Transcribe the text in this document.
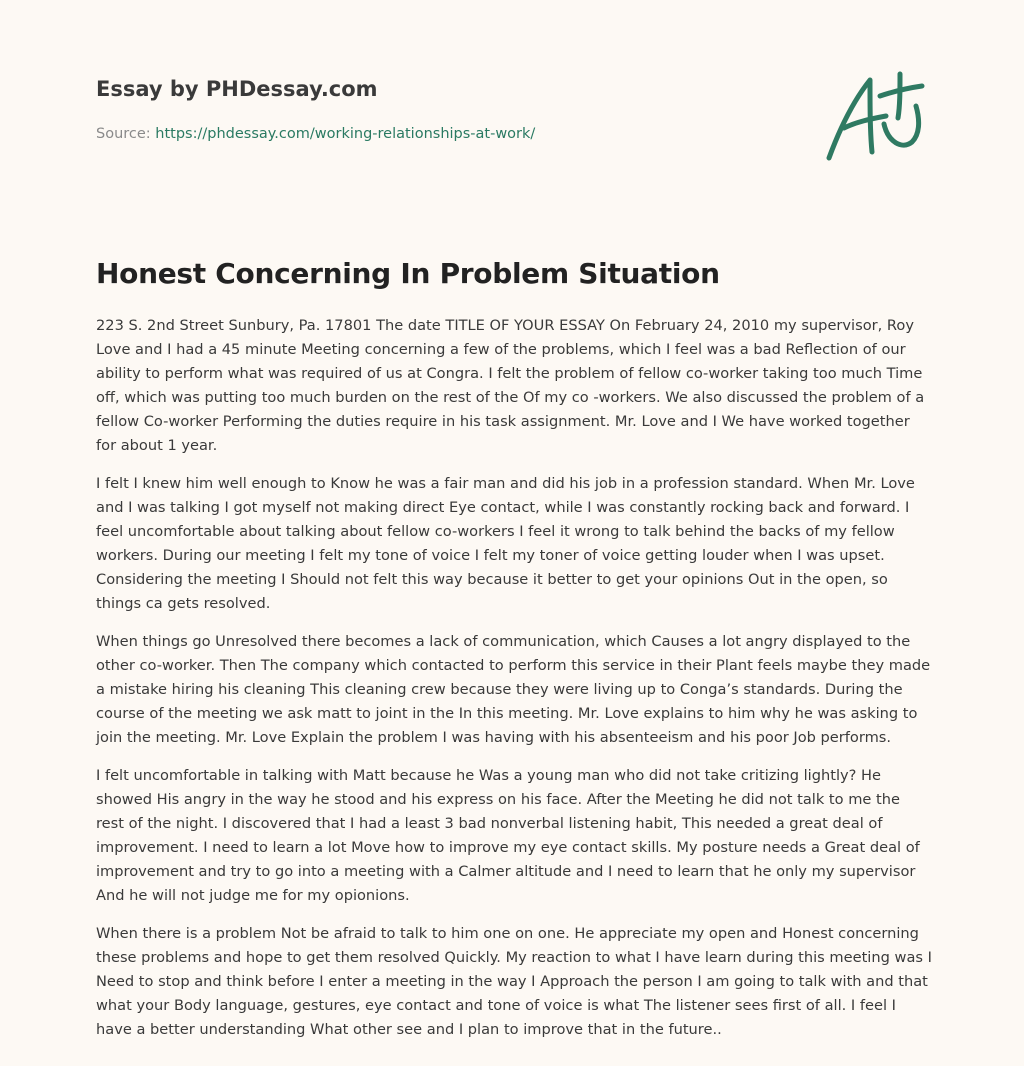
Essay by PHDessay.com
Source: https://phdessay.com/working-relationships-at-work/
Honest Concerning In Problem Situation

223 S. 2nd Street Sunbury, Pa. 17801 The date TITLE OF YOUR ESSAY On February 24, 2010 my supervisor, Roy Love and I had a 45 minute Meeting concerning a few of the problems, which I feel was a bad Reflection of our ability to perform what was required of us at Congra. I felt the problem of fellow co-worker taking too much Time off, which was putting too much burden on the rest of the Of my co -workers. We also discussed the problem of a fellow Co-worker Performing the duties require in his task assignment. Mr. Love and I We have worked together for about 1 year.

I felt I knew him well enough to Know he was a fair man and did his job in a profession standard. When Mr. Love and I was talking I got myself not making direct Eye contact, while I was constantly rocking back and forward. I feel uncomfortable about talking about fellow co-workers I feel it wrong to talk behind the backs of my fellow workers. During our meeting I felt my tone of voice I felt my toner of voice getting louder when I was upset. Considering the meeting I Should not felt this way because it better to get your opinions Out in the open, so things ca gets resolved.

When things go Unresolved there becomes a lack of communication, which Causes a lot angry displayed to the other co-worker. Then The company which contacted to perform this service in their Plant feels maybe they made a mistake hiring his cleaning This cleaning crew because they were living up to Conga’s standards. During the course of the meeting we ask matt to joint in the In this meeting. Mr. Love explains to him why he was asking to join the meeting. Mr. Love Explain the problem I was having with his absenteeism and his poor Job performs.

I felt uncomfortable in talking with Matt because he Was a young man who did not take critizing lightly? He showed His angry in the way he stood and his express on his face. After the Meeting he did not talk to me the rest of the night. I discovered that I had a least 3 bad nonverbal listening habit, This needed a great deal of improvement. I need to learn a lot Move how to improve my eye contact skills. My posture needs a Great deal of improvement and try to go into a meeting with a Calmer altitude and I need to learn that he only my supervisor And he will not judge me for my opionions.

When there is a problem Not be afraid to talk to him one on one. He appreciate my open and Honest concerning these problems and hope to get them resolved Quickly. My reaction to what I have learn during this meeting was I Need to stop and think before I enter a meeting in the way I Approach the person I am going to talk with and that what your Body language, gestures, eye contact and tone of voice is what The listener sees first of all. I feel I have a better understanding What other see and I plan to improve that in the future..
